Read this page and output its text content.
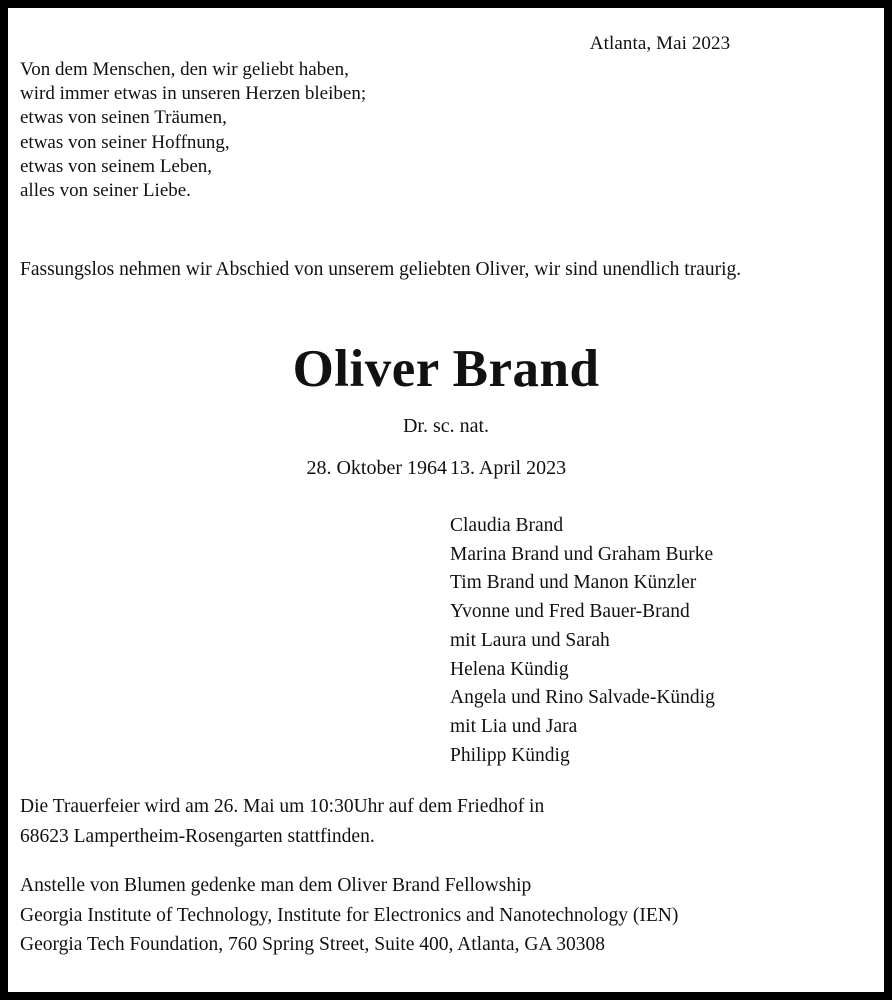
Atlanta, Mai 2023
Von dem Menschen, den wir geliebt haben,
wird immer etwas in unseren Herzen bleiben;
etwas von seinen Träumen,
etwas von seiner Hoffnung,
etwas von seinem Leben,
alles von seiner Liebe.
Fassungslos nehmen wir Abschied von unserem geliebten Oliver, wir sind unendlich traurig.
Oliver Brand
Dr. sc. nat.
28. Oktober 1964 13. April 2023
Claudia Brand
Marina Brand und Graham Burke
Tim Brand und Manon Künzler
Yvonne und Fred Bauer-Brand
mit Laura und Sarah
Helena Kündig
Angela und Rino Salvade-Kündig
mit Lia und Jara
Philipp Kündig
Die Trauerfeier wird am 26. Mai um 10:30Uhr auf dem Friedhof in
68623 Lampertheim-Rosengarten stattfinden.
Anstelle von Blumen gedenke man dem Oliver Brand Fellowship
Georgia Institute of Technology, Institute for Electronics and Nanotechnology (IEN)
Georgia Tech Foundation, 760 Spring Street, Suite 400, Atlanta, GA 30308
